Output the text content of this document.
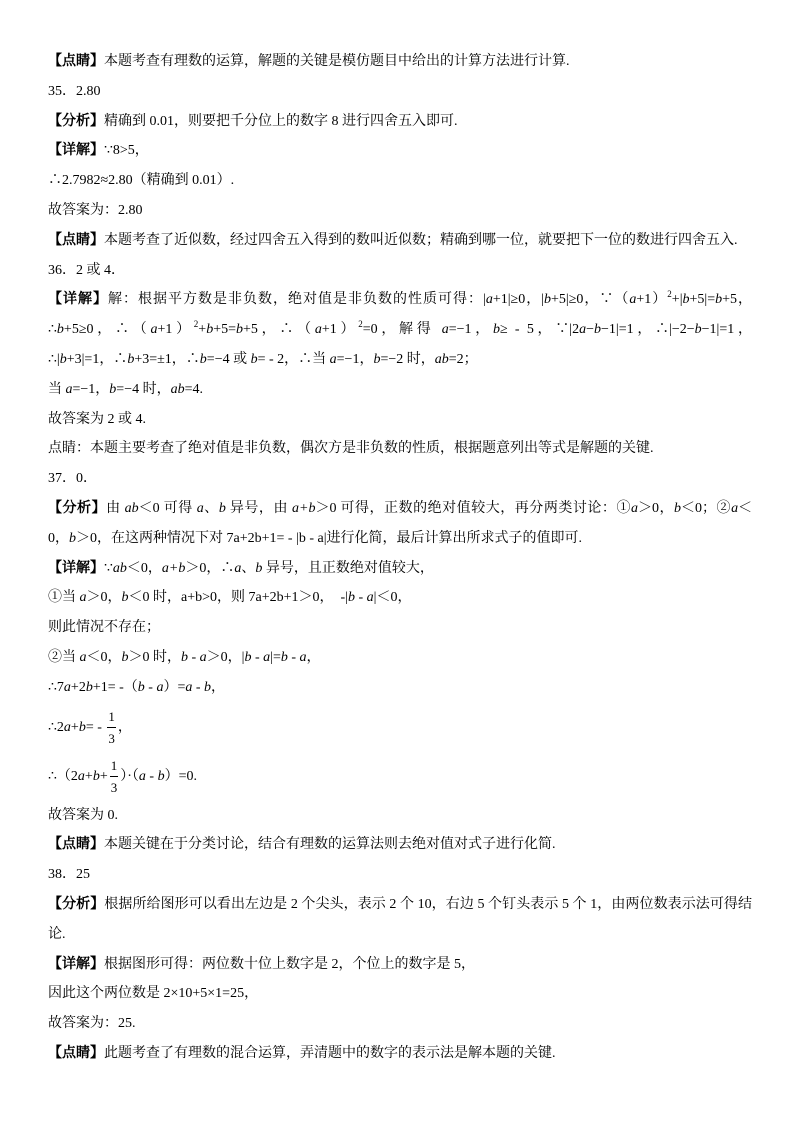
【点睛】本题考查有理数的运算，解题的关键是模仿题目中给出的计算方法进行计算.
35．2.80
【分析】精确到 0.01，则要把千分位上的数字 8 进行四舍五入即可.
【详解】∵8>5，
∴2.7982≈2.80（精确到 0.01）.
故答案为：2.80
【点睛】本题考查了近似数，经过四舍五入得到的数叫近似数；精确到哪一位，就要把下一位的数进行四舍五入.
36．2 或 4．
【详解】解：根据平方数是非负数，绝对值是非负数的性质可得：|a+1|≥0，|b+5|≥0，$\because(a+1)^2+|b+5|=b+5$，
∴b+5≥0，$\therefore(a+1)^2+b+5=b+5$，$\therefore(a+1)^2=0$，解得 a=−1，b≥ - 5，∵|2a−b−1|=1，∴|−2−b−1|=1，
∴|b+3|=1，∴b+3=±1，∴b=−4 或 b= - 2，∴当 a=−1，b=−2 时，ab=2；
当 a=−1，b=−4 时，ab=4.
故答案为 2 或 4.
点睛：本题主要考查了绝对值是非负数，偶次方是非负数的性质，根据题意列出等式是解题的关键.
37．0．
【分析】由 ab＜0 可得 a、b 异号，由 a+b＞0 可得，正数的绝对值较大，再分两类讨论：①a＞0，b＜0；②a＜
0，b＞0，在这两种情况下对 7a+2b+1= - |b - a|进行化简，最后计算出所求式子的值即可.
【详解】∵ab＜0，a+b＞0，∴a、b 异号，且正数绝对值较大，
①当 a＞0，b＜0 时，a+b>0，则 7a+2b+1＞0，  -|b - a|＜0，
则此情况不存在；
②当 a＜0，b＞0 时，b - a＞0，|b - a|=b - a，
∴7a+2b+1= -（b - a）=a - b，
∴2a+b= - $\frac{1}{3}$ ，
∴（2a+b+ $\frac{1}{3} )\cdot(a - b)=0$.
故答案为 0.
【点睛】本题关键在于分类讨论，结合有理数的运算法则去绝对值对式子进行化简.
38．25
【分析】根据所给图形可以看出左边是 2 个尖头，表示 2 个 10，右边 5 个钉头表示 5 个 1，由两位数表示法可得结
论.
【详解】根据图形可得：两位数十位上数字是 2，个位上的数字是 5，
因此这个两位数是 2×10+5×1=25，
故答案为：25.
【点睛】此题考查了有理数的混合运算，弄清题中的数字的表示法是解本题的关键.
